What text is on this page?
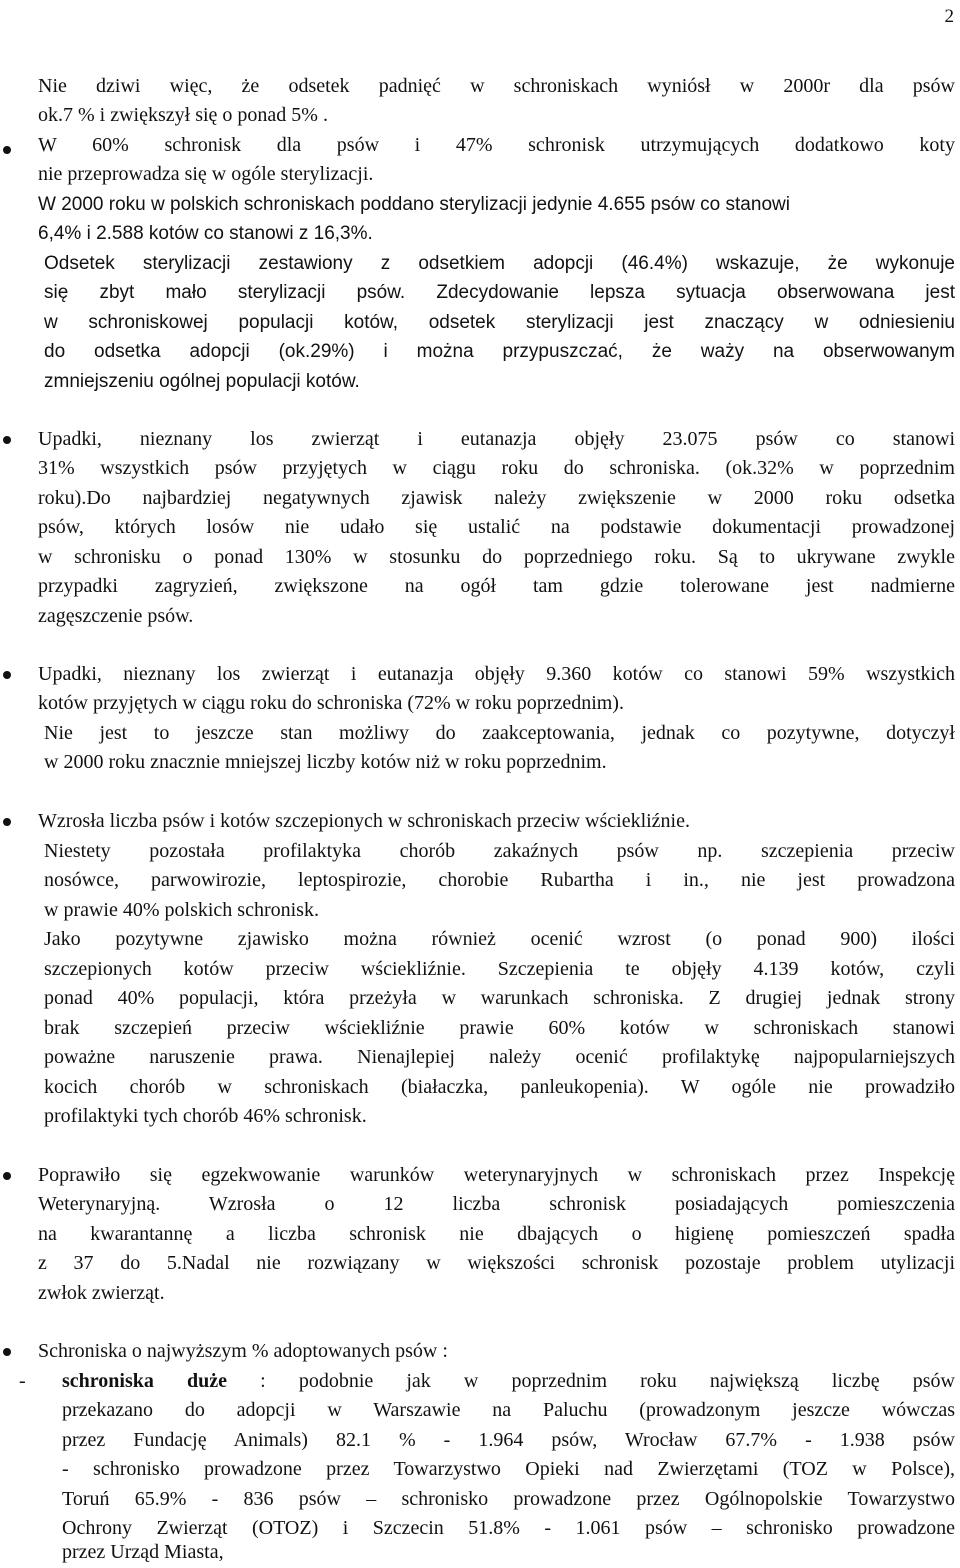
2
Nie dziwi więc, że odsetek padnięć w schroniskach wyniósł w 2000r dla psów
ok.7 % i zwiększył się o ponad 5% .
W 60% schronisk dla psów i 47% schronisk utrzymujących dodatkowo koty
nie przeprowadza się w ogóle sterylizacji.
W 2000 roku w polskich schroniskach poddano sterylizacji jedynie 4.655 psów co stanowi
6,4% i 2.588 kotów co stanowi z 16,3%.
Odsetek sterylizacji zestawiony z odsetkiem adopcji (46.4%) wskazuje, że wykonuje
się zbyt mało sterylizacji psów. Zdecydowanie lepsza sytuacja obserwowana jest
w schroniskowej populacji kotów, odsetek sterylizacji jest znaczący w odniesieniu
do odsetka adopcji (ok.29%) i można przypuszczać, że waży na obserwowanym
zmniejszeniu ogólnej populacji kotów.
Upadki, nieznany los zwierząt i eutanazja objęły 23.075 psów co stanowi
31% wszystkich psów przyjętych w ciągu roku do schroniska. (ok.32% w poprzednim
roku).Do najbardziej negatywnych zjawisk należy zwiększenie w 2000 roku odsetka
psów, których losów nie udało się ustalić na podstawie dokumentacji prowadzonej
w schronisku o ponad 130% w stosunku do poprzedniego roku. Są to ukrywane zwykle
przypadki zagryzień, zwiększone na ogół tam gdzie tolerowane jest nadmierne
zagęszczenie psów.
Upadki, nieznany los zwierząt i eutanazja objęły 9.360 kotów co stanowi 59% wszystkich
kotów przyjętych w ciągu roku do schroniska (72% w roku poprzednim).
Nie jest to jeszcze stan możliwy do zaakceptowania, jednak co pozytywne, dotyczył
w 2000 roku znacznie mniejszej liczby kotów niż w roku poprzednim.
Wzrosła liczba psów i kotów szczepionych w schroniskach przeciw wściekliźnie.
Niestety pozostała profilaktyka chorób zakaźnych psów np. szczepienia przeciw
nosówce, parwowirozie, leptospirozie, chorobie Rubartha i in., nie jest prowadzona
w prawie 40% polskich schronisk.
Jako pozytywne zjawisko można również ocenić wzrost (o ponad 900) ilości
szczepionych kotów przeciw wściekliźnie. Szczepienia te objęły 4.139 kotów, czyli
ponad 40% populacji, która przeżyła w warunkach schroniska. Z drugiej jednak strony
brak szczepień przeciw wściekliźnie prawie 60% kotów w schroniskach stanowi
poważne naruszenie prawa. Nienajlepiej należy ocenić profilaktykę najpopularniejszych
kocich chorób w schroniskach (białaczka, panleukopenia). W ogóle nie prowadziło
profilaktyki tych chorób 46% schronisk.
Poprawiło się egzekwowanie warunków weterynaryjnych w schroniskach przez Inspekcję
Weterynaryjną. Wzrosła o 12 liczba schronisk posiadających pomieszczenia
na kwarantannę a liczba schronisk nie dbających o higienę pomieszczeń spadła
z 37 do 5.Nadal nie rozwiązany w większości schronisk pozostaje problem utylizacji
zwłok zwierząt.
Schroniska o najwyższym % adoptowanych psów :
- schroniska duże : podobnie jak w poprzednim roku największą liczbę psów
przekazano do adopcji w Warszawie na Paluchu (prowadzonym jeszcze wówczas
przez Fundację Animals) 82.1 % - 1.964 psów, Wrocław 67.7% - 1.938 psów
- schronisko prowadzone przez Towarzystwo Opieki nad Zwierzętami (TOZ w Polsce),
Toruń 65.9% - 836 psów – schronisko prowadzone przez Ogólnopolskie Towarzystwo
Ochrony Zwierząt (OTOZ) i Szczecin 51.8% - 1.061 psów – schronisko prowadzone
przez Urząd Miasta,
